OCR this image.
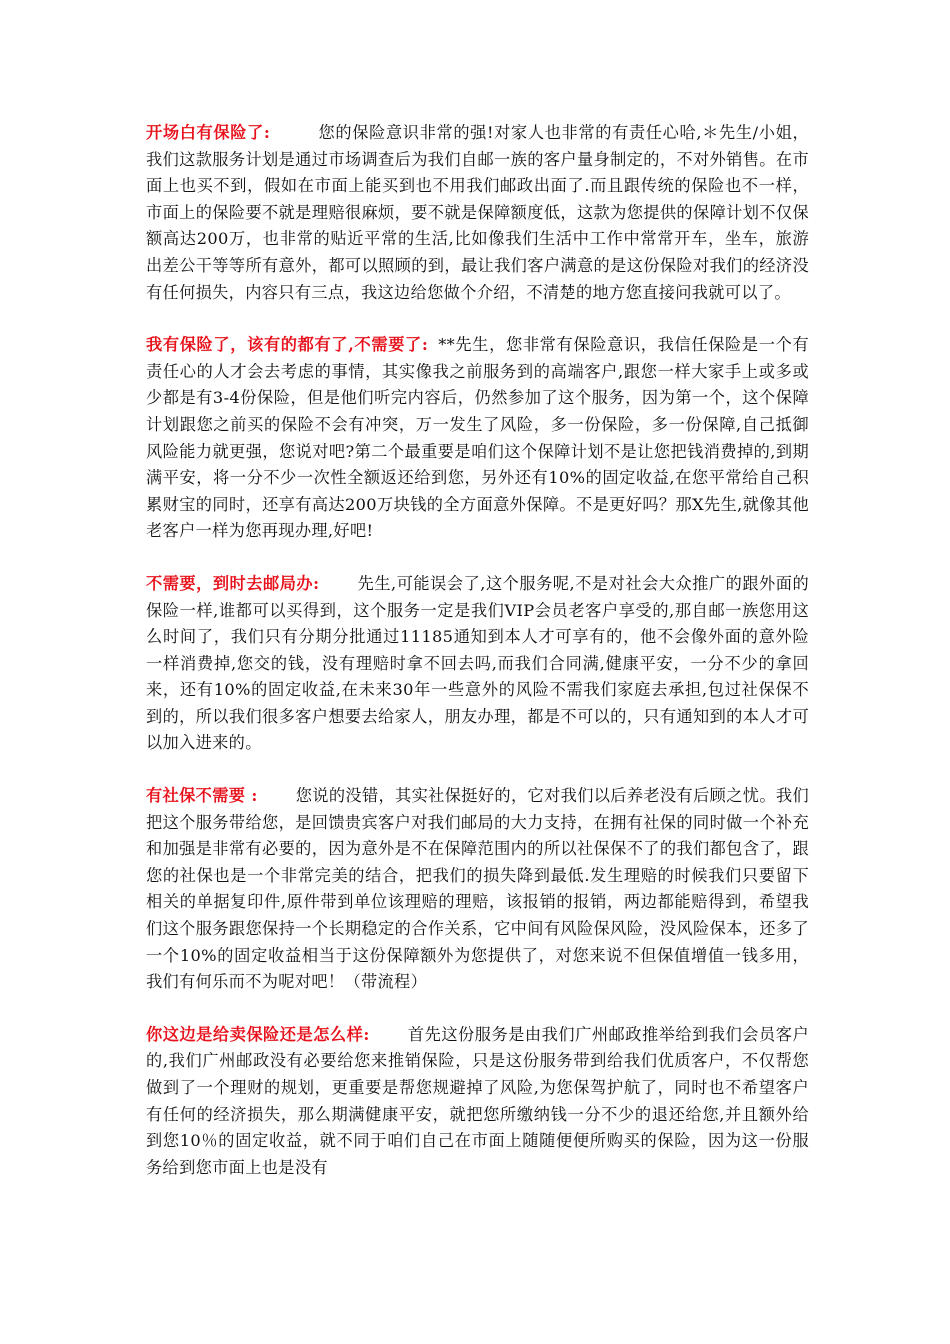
开场白有保险了:	您的保险意识非常的强!对家人也非常的有责任心哈,＊先生/小姐，我们这款服务计划是通过市场调查后为我们自邮一族的客户量身制定的，不对外销售。在市面上也买不到，假如在市面上能买到也不用我们邮政出面了.而且跟传统的保险也不一样，市面上的保险要不就是理赔很麻烦，要不就是保障额度低，这款为您提供的保障计划不仅保额高达200万，也非常的贴近平常的生活,比如像我们生活中工作中常常开车，坐车，旅游出差公干等等所有意外，都可以照顾的到，最让我们客户满意的是这份保险对我们的经济没有任何损失，内容只有三点，我这边给您做个介绍，不清楚的地方您直接问我就可以了。

我有保险了，该有的都有了,不需要了: **先生，您非常有保险意识，我信任保险是一个有责任心的人才会去考虑的事情，其实像我之前服务到的高端客户,跟您一样大家手上或多或少都是有3-4份保险，但是他们听完内容后，仍然参加了这个服务，因为第一个，这个保障计划跟您之前买的保险不会有冲突，万一发生了风险，多一份保险，多一份保障,自己抵御风险能力就更强，您说对吧?第二个最重要是咱们这个保障计划不是让您把钱消费掉的,到期满平安，将一分不少一次性全额返还给到您，另外还有10%的固定收益,在您平常给自己积累财宝的同时，还享有高达200万块钱的全方面意外保障。不是更好吗？那X先生,就像其他老客户一样为您再现办理,好吧!

不需要，到时去邮局办: 先生,可能误会了,这个服务呢,不是对社会大众推广的跟外面的保险一样,谁都可以买得到，这个服务一定是我们VIP会员老客户享受的,那自邮一族您用这么时间了，我们只有分期分批通过11185通知到本人才可享有的，他不会像外面的意外险一样消费掉,您交的钱，没有理赔时拿不回去吗,而我们合同满,健康平安，一分不少的拿回来，还有10%的固定收益,在未来30年一些意外的风险不需我们家庭去承担,包过社保保不到的，所以我们很多客户想要去给家人，朋友办理，都是不可以的，只有通知到的本人才可以加入进来的。

有社保不需要 : 您说的没错，其实社保挺好的，它对我们以后养老没有后顾之忧。我们把这个服务带给您，是回馈贵宾客户对我们邮局的大力支持，在拥有社保的同时做一个补充和加强是非常有必要的，因为意外是不在保障范围内的所以社保保不了的我们都包含了，跟您的社保也是一个非常完美的结合，把我们的损失降到最低.发生理赔的时候我们只要留下相关的单据复印件,原件带到单位该理赔的理赔，该报销的报销，两边都能赔得到，希望我们这个服务跟您保持一个长期稳定的合作关系，它中间有风险保风险，没风险保本，还多了一个10%的固定收益相当于这份保障额外为您提供了，对您来说不但保值增值一钱多用，我们有何乐而不为呢对吧！（带流程）

你这边是给卖保险还是怎么样: 首先这份服务是由我们广州邮政推举给到我们会员客户的,我们广州邮政没有必要给您来推销保险，只是这份服务带到给我们优质客户，不仅帮您做到了一个理财的规划，更重要是帮您规避掉了风险,为您保驾护航了，同时也不希望客户有任何的经济损失，那么期满健康平安，就把您所缴纳钱一分不少的退还给您,并且额外给到您10％的固定收益，就不同于咱们自己在市面上随随便便所购买的保险，因为这一份服务给到您市面上也是没有
